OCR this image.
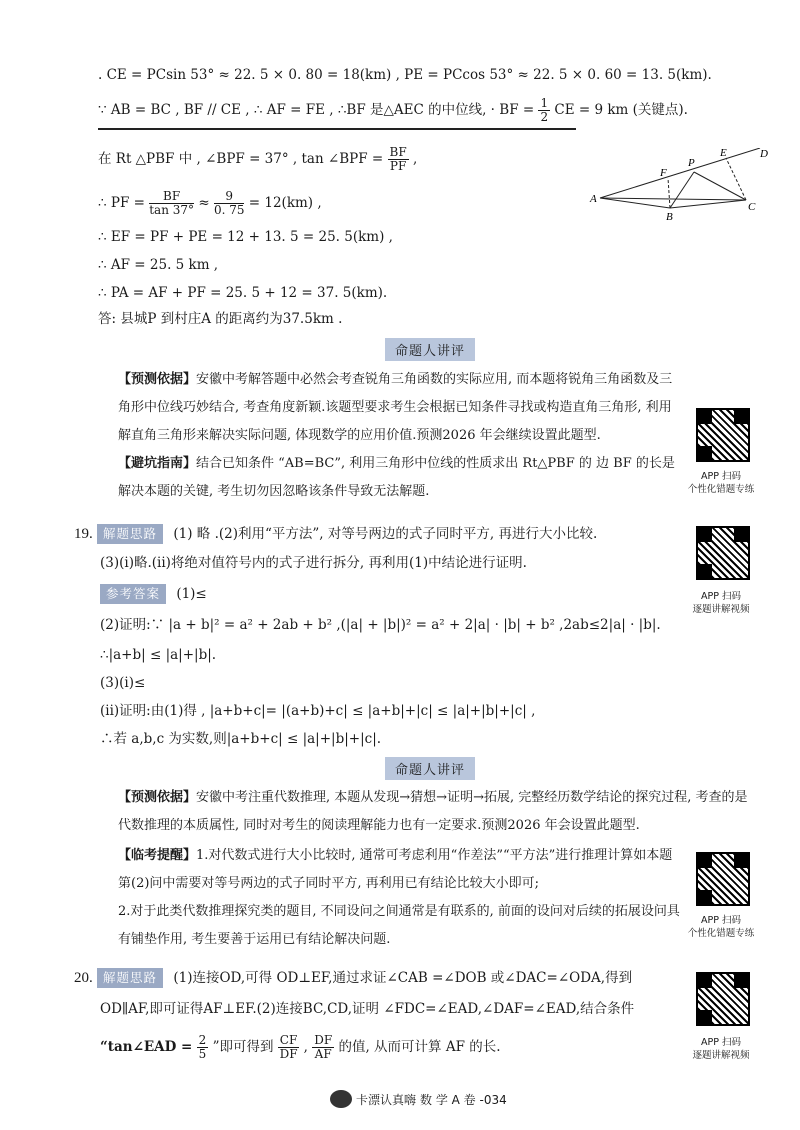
. CE = PCsin 53° ≈ 22. 5 × 0. 80 = 18(km) , PE = PCcos 53° ≈ 22. 5 × 0. 60 = 13. 5(km).
∵ AB = BC , BF // CE , ∴ AF = FE , ∴BF 是△AEC 的中位线, · BF = $\frac{1}{2}$ CE = 9 km (关键点).
在 Rt △PBF 中 , ∠BPF = 37° , tan ∠BPF = $\frac{BF}{PF}$ ,
∴ PF = $\frac{BF}{\tan 37^\circ} \approx \frac{9}{0. 75} = 12(km)$ ,
∴ EF = PF + PE = 12 + 13. 5 = 25. 5(km) ,
∴ AF = 25. 5 km ,
∴ PA = AF + PF = 25. 5 + 12 = 37. 5(km).
答: 县城P 到村庄A 的距离约为37.5km .
A
B
C
F
P
E	D
命题人讲评
【预测依据】安徽中考解答题中必然会考查锐角三角函数的实际应用, 而本题将锐角三角函数及三角形中位线巧妙结合, 考查角度新颖.该题型要求考生会根据已知条件寻找或构造直角三角形, 利用解直角三角形来解决实际问题, 体现数学的应用价值.预测2026 年会继续设置此题型.
【避坑指南】结合已知条件 “AB=BC”, 利用三角形中位线的性质求出 Rt△PBF 的 边 BF 的长是解决本题的关键, 考生切勿因忽略该条件导致无法解题.
APP 扫码
个性化错题专练
19. 解题思路 (1) 略 .(2)利用“平方法”, 对等号两边的式子同时平方, 再进行大小比较.
(3)(i)略.(ii)将绝对值符号内的式子进行拆分, 再利用(1)中结论进行证明.
参考答案 (1)≤
(2)证明:∵ |a + b|² = a² + 2ab + b² ,(|a| + |b|)² = a² + 2|a| · |b| + b² ,2ab≤2|a| · |b|.
∴|a+b| ≤ |a|+|b|.
(3)(i)≤
(ii)证明:由(1)得 , |a+b+c|= |(a+b)+c| ≤ |a+b|+|c| ≤ |a|+|b|+|c| ,
∴若 a,b,c 为实数,则|a+b+c| ≤ |a|+|b|+|c|.
APP 扫码
逐题讲解视频
命题人讲评
【预测依据】安徽中考注重代数推理, 本题从发现→猜想→证明→拓展, 完整经历数学结论的探究过程, 考查的是代数推理的本质属性, 同时对考生的阅读理解能力也有一定要求.预测2026 年会设置此题型.
【临考提醒】1.对代数式进行大小比较时, 通常可考虑利用“作差法”“平方法”进行推理计算如本题第(2)问中需要对等号两边的式子同时平方, 再利用已有结论比较大小即可;
2.对于此类代数推理探究类的题目, 不同设问之间通常是有联系的, 前面的设问对后续的拓展设问具有铺垫作用, 考生要善于运用已有结论解决问题.
APP 扫码
个性化错题专练
20. 解题思路 (1)连接OD,可得 OD⊥EF,通过求证∠CAB =∠DOB 或∠DAC=∠ODA,得到
OD∥AF,即可证得AF⊥EF.(2)连接BC,CD,证明 ∠FDC=∠EAD,∠DAF=∠EAD,结合条件
“tan∠EAD = $\frac{2}{5}$ ”即可得到 $\frac{CF}{DF}$ , $\frac{DF}{AF}$ 的值, 从而可计算 AF 的长.	APP 扫码
逐题讲解视频
卡漂认真嗨 数 学 A 卷 -034
